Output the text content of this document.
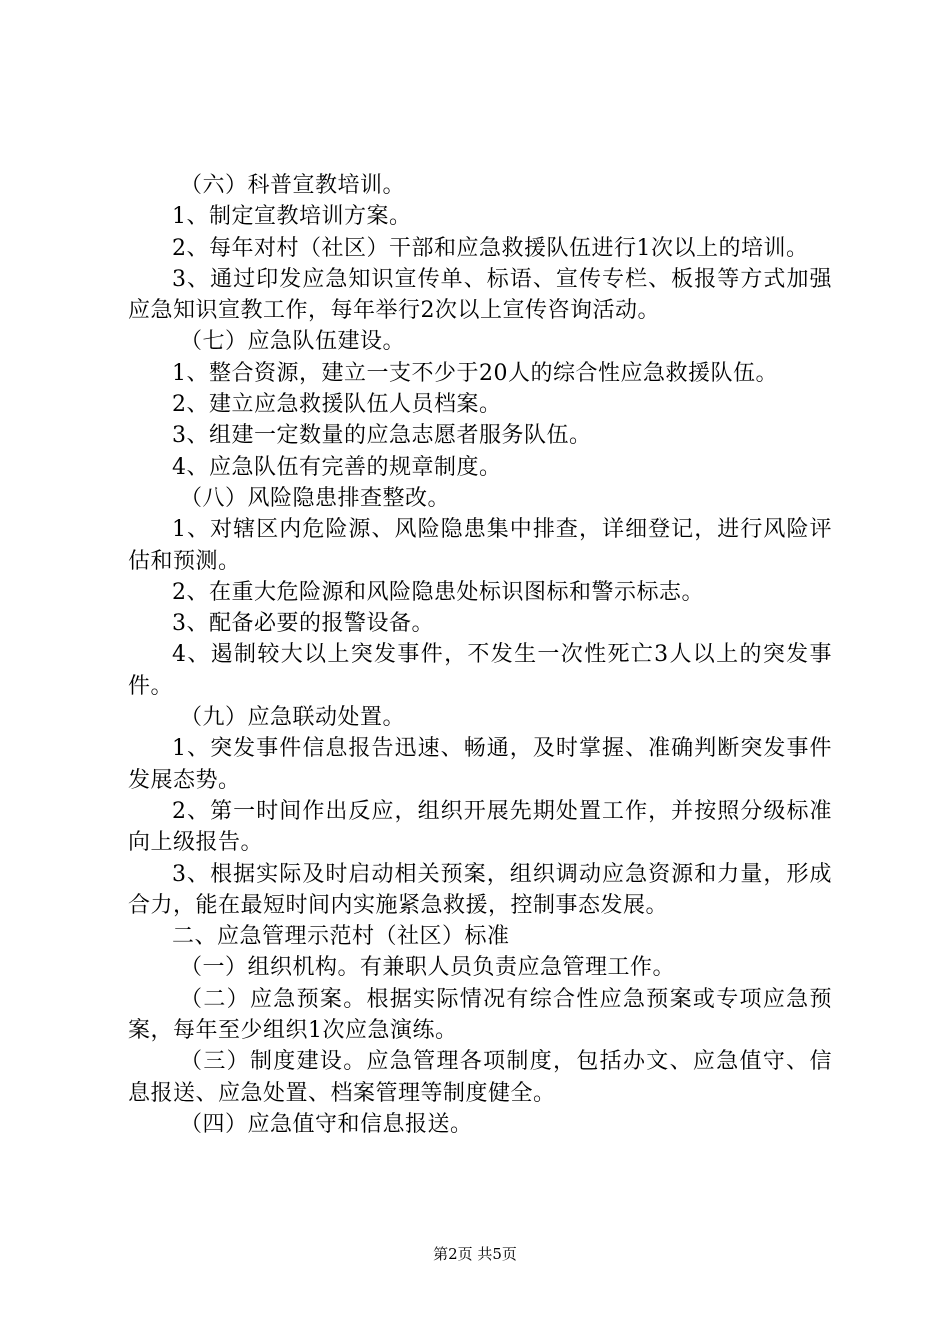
（六）科普宣教培训。

1、制定宣教培训方案。

2、每年对村（社区）干部和应急救援队伍进行1次以上的培训。

3、通过印发应急知识宣传单、标语、宣传专栏、板报等方式加强应急知识宣教工作，每年举行2次以上宣传咨询活动。

（七）应急队伍建设。

1、整合资源，建立一支不少于20人的综合性应急救援队伍。

2、建立应急救援队伍人员档案。

3、组建一定数量的应急志愿者服务队伍。

4、应急队伍有完善的规章制度。

（八）风险隐患排查整改。

1、对辖区内危险源、风险隐患集中排查，详细登记，进行风险评估和预测。

2、在重大危险源和风险隐患处标识图标和警示标志。

3、配备必要的报警设备。

4、遏制较大以上突发事件，不发生一次性死亡3人以上的突发事件。

（九）应急联动处置。

1、突发事件信息报告迅速、畅通，及时掌握、准确判断突发事件发展态势。

2、第一时间作出反应，组织开展先期处置工作，并按照分级标准向上级报告。

3、根据实际及时启动相关预案，组织调动应急资源和力量，形成合力，能在最短时间内实施紧急救援，控制事态发展。

二、应急管理示范村（社区）标准

（一）组织机构。有兼职人员负责应急管理工作。

（二）应急预案。根据实际情况有综合性应急预案或专项应急预案，每年至少组织1次应急演练。

（三）制度建设。应急管理各项制度，包括办文、应急值守、信息报送、应急处置、档案管理等制度健全。

（四）应急值守和信息报送。

第2页 共5页
